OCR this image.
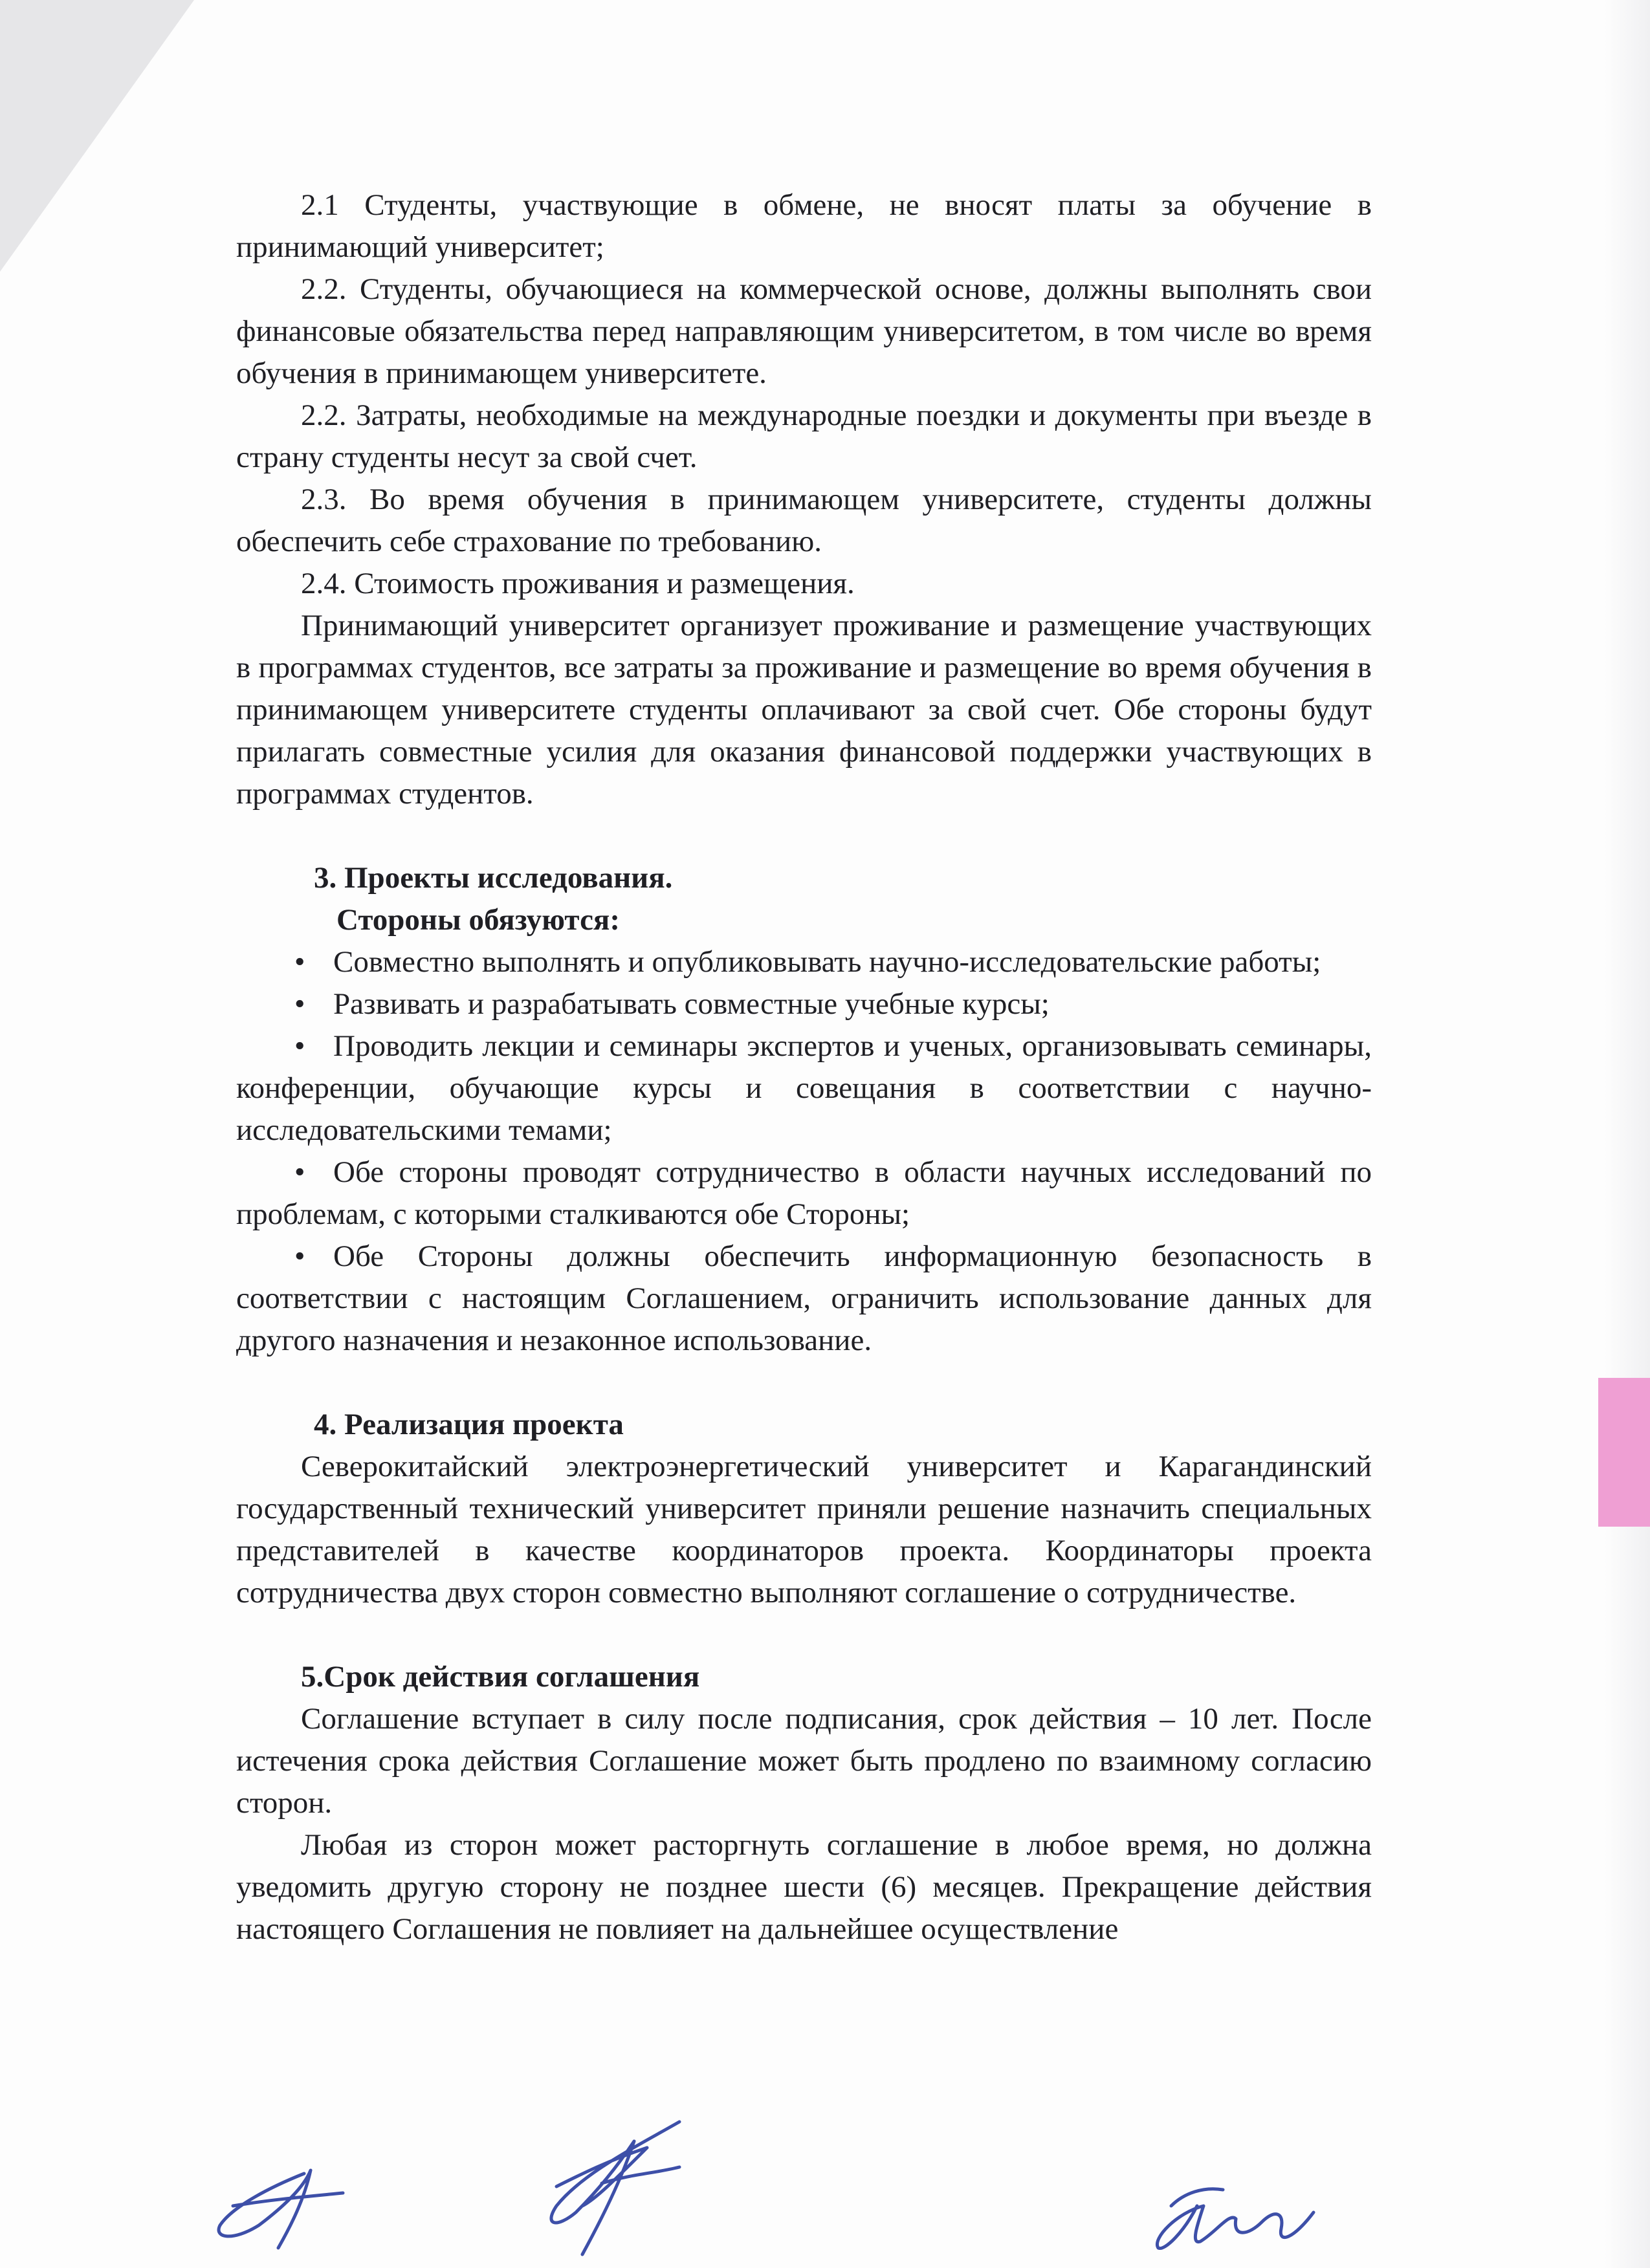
2.1 Студенты, участвующие в обмене, не вносят платы за обучение в принимающий университет;

2.2. Студенты, обучающиеся на коммерческой основе, должны выполнять свои финансовые обязательства перед направляющим университетом, в том числе во время обучения в принимающем университете.

2.2. Затраты, необходимые на международные поездки и документы при въезде в страну студенты несут за свой счет.

2.3. Во время обучения в принимающем университете, студенты должны обеспечить себе страхование по требованию.

2.4. Стоимость проживания и размещения.

Принимающий университет организует проживание и размещение участвующих в программах студентов, все затраты за проживание и размещение во время обучения в принимающем университете студенты оплачивают за свой счет. Обе стороны будут прилагать совместные усилия для оказания финансовой поддержки участвующих в программах студентов.

3. Проекты исследования.

Стороны обязуются:

• Совместно выполнять и опубликовывать научно-исследовательские работы;

• Развивать и разрабатывать совместные учебные курсы;

• Проводить лекции и семинары экспертов и ученых, организовывать семинары, конференции, обучающие курсы и совещания в соответствии с научно-исследовательскими темами;

• Обе стороны проводят сотрудничество в области научных исследований по проблемам, с которыми сталкиваются обе Стороны;

• Обе Стороны должны обеспечить информационную безопасность в соответствии с настоящим Соглашением, ограничить использование данных для другого назначения и незаконное использование.

4. Реализация проекта

Северокитайский электроэнергетический университет и Карагандинский государственный технический университет приняли решение назначить специальных представителей в качестве координаторов проекта. Координаторы проекта сотрудничества двух сторон совместно выполняют соглашение о сотрудничестве.

5.Срок действия соглашения

Соглашение вступает в силу после подписания, срок действия – 10 лет. После истечения срока действия Соглашение может быть продлено по взаимному согласию сторон.

Любая из сторон может расторгнуть соглашение в любое время, но должна уведомить другую сторону не позднее шести (6) месяцев. Прекращение действия настоящего Соглашения не повлияет на дальнейшее осуществление
